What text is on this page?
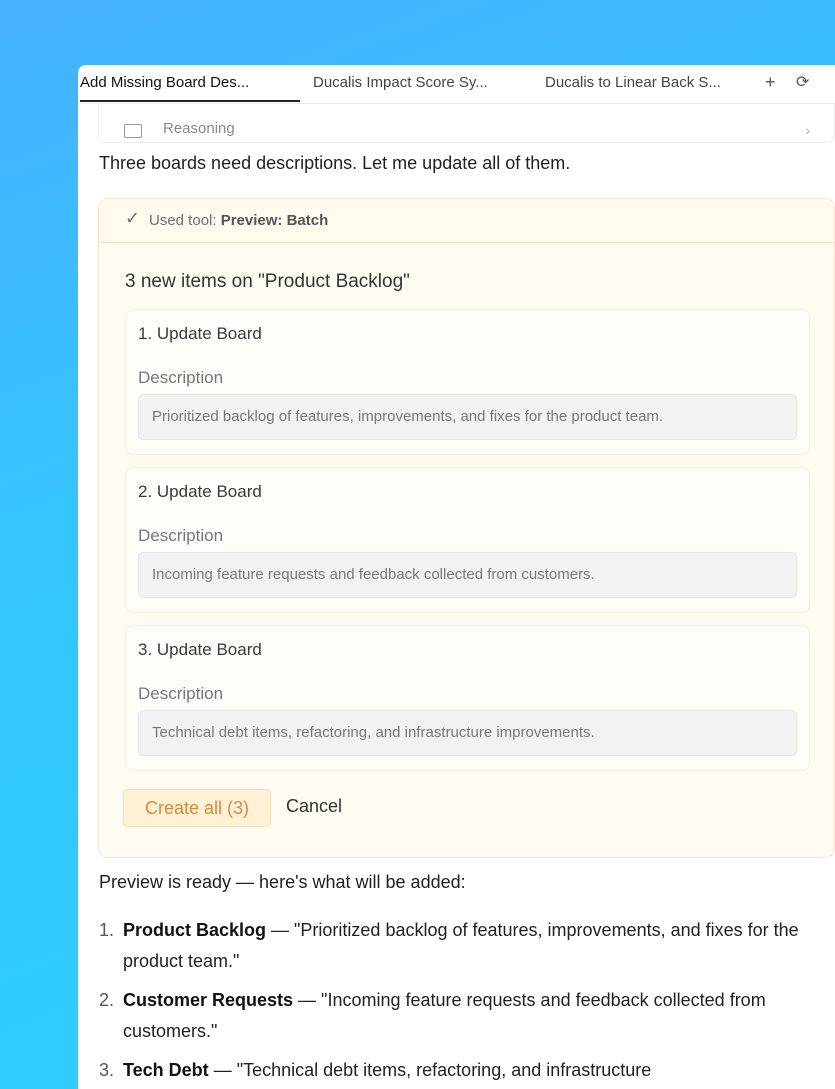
Add Missing Board Des...	Ducalis Impact Score Sy...	Ducalis to Linear Back S... + ⟳
Reasoning	›
Three boards need descriptions. Let me update all of them.
✓ Used tool: Preview: Batch
3 new items on "Product Backlog"
1. Update Board
Description
Prioritized backlog of features, improvements, and fixes for the product team.
2. Update Board
Description
Incoming feature requests and feedback collected from customers.
3. Update Board
Description
Technical debt items, refactoring, and infrastructure improvements.
Create all (3)	Cancel
Preview is ready — here's what will be added:
1. Product Backlog — "Prioritized backlog of features, improvements, and fixes for the product team."
2. Customer Requests — "Incoming feature requests and feedback collected from customers."
3. Tech Debt — "Technical debt items, refactoring, and infrastructure
